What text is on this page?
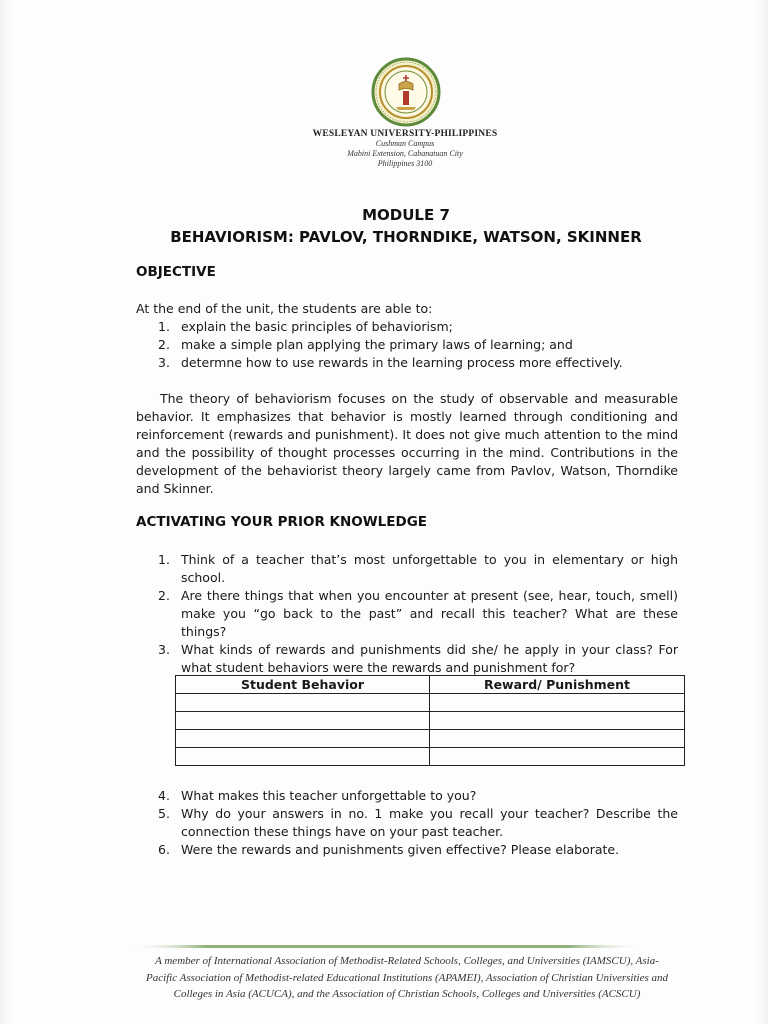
WESLEYAN UNIVERSITY-PHILIPPINES
Cushman Campus
Mabini Extension, Cabanatuan City
Philippines 3100
MODULE 7
BEHAVIORISM: PAVLOV, THORNDIKE, WATSON, SKINNER
OBJECTIVE
At the end of the unit, the students are able to:
1. explain the basic principles of behaviorism;
2. make a simple plan applying the primary laws of learning; and
3. determne how to use rewards in the learning process more effectively.
The theory of behaviorism focuses on the study of observable and measurable
behavior. It emphasizes that behavior is mostly learned through conditioning and
reinforcement (rewards and punishment). It does not give much attention to the mind
and the possibility of thought processes occurring in the mind. Contributions in the
development of the behaviorist theory largely came from Pavlov, Watson, Thorndike
and Skinner.
ACTIVATING YOUR PRIOR KNOWLEDGE
1. Think of a teacher that’s most unforgettable to you in elementary or high
school.
2. Are there things that when you encounter at present (see, hear, touch, smell)
make you “go back to the past” and recall this teacher? What are these
things?
3. What kinds of rewards and punishments did she/ he apply in your class? For
what student behaviors were the rewards and punishment for?
Student Behavior	Reward/ Punishment

4. What makes this teacher unforgettable to you?
5. Why do your answers in no. 1 make you recall your teacher? Describe the
connection these things have on your past teacher.
6. Were the rewards and punishments given effective? Please elaborate.
A member of International Association of Methodist-Related Schools, Colleges, and Universities (IAMSCU), Asia-
Pacific Association of Methodist-related Educational Institutions (APAMEI), Association of Christian Universities and
Colleges in Asia (ACUCA), and the Association of Christian Schools, Colleges and Universities (ACSCU)
